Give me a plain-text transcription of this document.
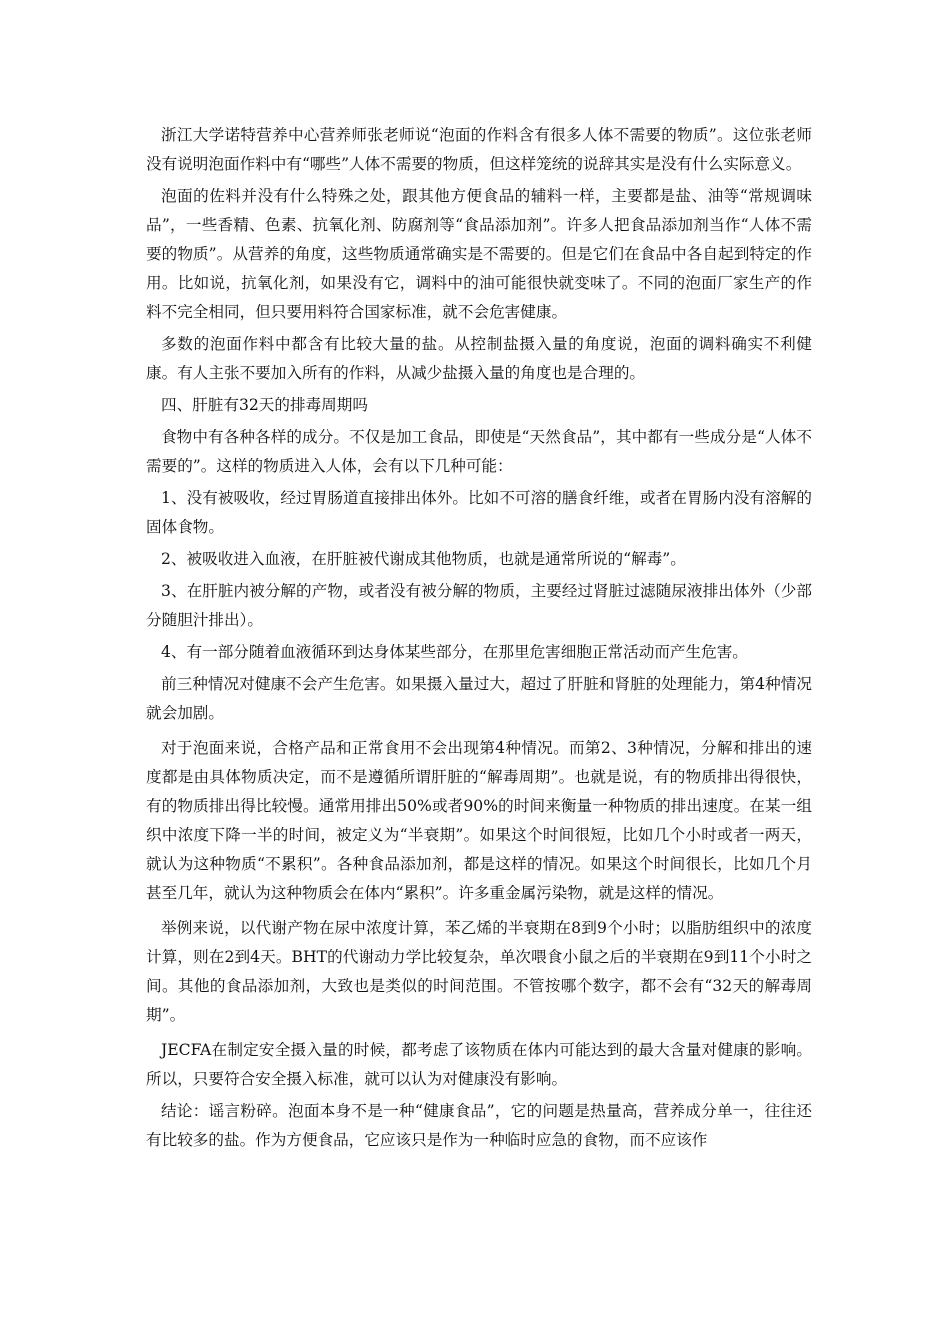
浙江大学诺特营养中心营养师张老师说“泡面的作料含有很多人体不需要的物质”。这位张老师没有说明泡面作料中有“哪些”人体不需要的物质，但这样笼统的说辞其实是没有什么实际意义。

泡面的佐料并没有什么特殊之处，跟其他方便食品的辅料一样，主要都是盐、油等“常规调味品”，一些香精、色素、抗氧化剂、防腐剂等“食品添加剂”。许多人把食品添加剂当作“人体不需要的物质”。从营养的角度，这些物质通常确实是不需要的。但是它们在食品中各自起到特定的作用。比如说，抗氧化剂，如果没有它，调料中的油可能很快就变味了。不同的泡面厂家生产的作料不完全相同，但只要用料符合国家标准，就不会危害健康。

多数的泡面作料中都含有比较大量的盐。从控制盐摄入量的角度说，泡面的调料确实不利健康。有人主张不要加入所有的作料，从减少盐摄入量的角度也是合理的。

四、肝脏有32天的排毒周期吗

食物中有各种各样的成分。不仅是加工食品，即使是“天然食品”，其中都有一些成分是“人体不需要的”。这样的物质进入人体，会有以下几种可能：

1、没有被吸收，经过胃肠道直接排出体外。比如不可溶的膳食纤维，或者在胃肠内没有溶解的固体食物。

2、被吸收进入血液，在肝脏被代谢成其他物质，也就是通常所说的“解毒”。

3、在肝脏内被分解的产物，或者没有被分解的物质，主要经过肾脏过滤随尿液排出体外（少部分随胆汁排出）。

4、有一部分随着血液循环到达身体某些部分，在那里危害细胞正常活动而产生危害。

前三种情况对健康不会产生危害。如果摄入量过大，超过了肝脏和肾脏的处理能力，第4种情况就会加剧。

对于泡面来说，合格产品和正常食用不会出现第4种情况。而第2、3种情况，分解和排出的速度都是由具体物质决定，而不是遵循所谓肝脏的“解毒周期”。也就是说，有的物质排出得很快，有的物质排出得比较慢。通常用排出50%或者90%的时间来衡量一种物质的排出速度。在某一组织中浓度下降一半的时间，被定义为“半衰期”。如果这个时间很短，比如几个小时或者一两天，就认为这种物质“不累积”。各种食品添加剂，都是这样的情况。如果这个时间很长，比如几个月甚至几年，就认为这种物质会在体内“累积”。许多重金属污染物，就是这样的情况。

举例来说，以代谢产物在尿中浓度计算，苯乙烯的半衰期在8到9个小时；以脂肪组织中的浓度计算，则在2到4天。BHT的代谢动力学比较复杂，单次喂食小鼠之后的半衰期在9到11个小时之间。其他的食品添加剂，大致也是类似的时间范围。不管按哪个数字，都不会有“32天的解毒周期”。

JECFA在制定安全摄入量的时候，都考虑了该物质在体内可能达到的最大含量对健康的影响。所以，只要符合安全摄入标准，就可以认为对健康没有影响。

结论：谣言粉碎。泡面本身不是一种“健康食品”，它的问题是热量高，营养成分单一，往往还有比较多的盐。作为方便食品，它应该只是作为一种临时应急的食物，而不应该作
